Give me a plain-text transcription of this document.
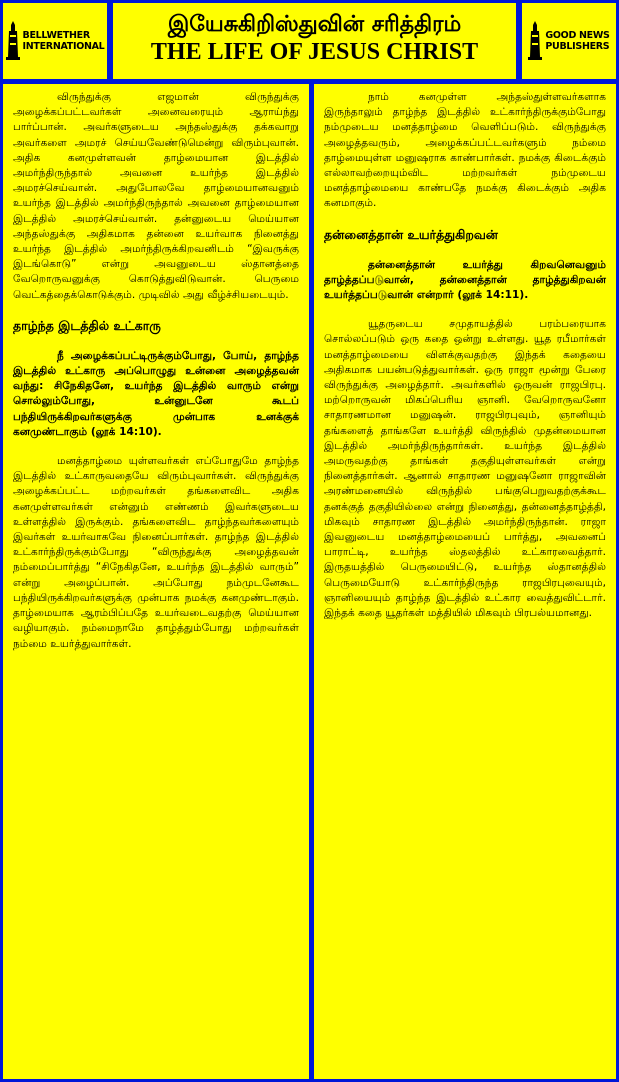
BELLWETHER
INTERNATIONAL
இயேசுகிறிஸ்துவின் சரித்திரம்
THE LIFE OF JESUS CHRIST
GOOD NEWS
PUBLISHERS

விருந்துக்கு எஜமான் விருந்துக்கு அழைக்கப்பட்டவர்கள் அனைவரையும் ஆராய்ந்து பார்ப்பான். அவர்களுடைய அந்தஸ்துக்கு தக்கவாறு அவர்களை அமரச் செய்யவேண்டுமென்று விரும்புவான். அதிக கனமுள்ளவன் தாழ்மையான இடத்தில் அமர்ந்திருந்தால் அவனை உயர்ந்த இடத்தில் அமரச்செய்வான். அதுபோலவே தாழ்மையானவனும் உயர்ந்த இடத்தில் அமர்ந்திருந்தால் அவனை தாழ்மையான இடத்தில் அமரச்செய்வான். தன்னுடைய மெய்யான அந்தஸ்துக்கு அதிகமாக தன்னை உயர்வாக நினைத்து உயர்ந்த இடத்தில் அமர்ந்திருக்கிறவனிடம் “இவருக்கு இடங்கொடு” என்று அவனுடைய ஸ்தானத்தை வேறொருவனுக்கு கொடுத்துவிடுவான். பெருமை வெட்கத்தைக்கொடுக்கும். முடிவில் அது வீழ்ச்சியடையும்.

தாழ்ந்த இடத்தில் உட்காரு

நீ அழைக்கப்பட்டிருக்கும்போது, போய், தாழ்ந்த இடத்தில் உட்காரு அப்பொழுது உன்னை அழைத்தவன் வந்து: சிநேகிதனே, உயர்ந்த இடத்தில் வாரும் என்று சொல்லும்போது, உன்னுடனே கூடப் பந்தியிருக்கிறவர்களுக்கு முன்பாக உனக்குக் கனமுண்டாகும் (லூக் 14:10).

மனத்தாழ்மை யுள்ளவர்கள் எப்போதுமே தாழ்ந்த இடத்தில் உட்காருவதையே விரும்புவார்கள். விருந்துக்கு அழைக்கப்பட்ட மற்றவர்கள் தங்களைவிட அதிக கனமுள்ளவர்கள் என்னும் எண்ணம் இவர்களுடைய உள்ளத்தில் இருக்கும். தங்களைவிட தாழ்ந்தவர்களையும் இவர்கள் உயர்வாகவே நினைப்பார்கள். தாழ்ந்த இடத்தில் உட்கார்ந்திருக்கும்போது “விருந்துக்கு அழைத்தவன் நம்மைப்பார்த்து “சிநேகிதனே, உயர்ந்த இடத்தில் வாரும்” என்று அழைப்பான். அப்போது நம்முடனேகூட பந்தியிருக்கிறவர்களுக்கு முன்பாக நமக்கு கனமுண்டாகும். தாழ்மையாக ஆரம்பிப்பதே உயர்வடைவதற்கு மெய்யான வழியாகும். நம்மைநாமே தாழ்த்தும்போது மற்றவர்கள் நம்மை உயர்த்துவார்கள்.

நாம் கனமுள்ள அந்தஸ்துள்ளவர்களாக இருந்தாலும் தாழ்ந்த இடத்தில் உட்கார்ந்திருக்கும்போது நம்முடைய மனத்தாழ்மை வெளிப்படும். விருந்துக்கு அழைத்தவரும், அழைக்கப்பட்டவர்களும் நம்மை தாழ்மையுள்ள மனுஷராக காண்பார்கள். நமக்கு கிடைக்கும் எல்லாவற்றையும்விட மற்றவர்கள் நம்முடைய மனத்தாழ்மையை காண்பதே நமக்கு கிடைக்கும் அதிக கனமாகும்.

தன்னைத்தான் உயர்த்துகிறவன்

தன்னைத்தான் உயர்த்து கிறவனெவனும் தாழ்த்தப்படுவான், தன்னைத்தான் தாழ்த்துகிறவன் உயர்த்தப்படுவான் என்றார் (லூக் 14:11).

யூதருடைய சமுதாயத்தில் பரம்பரையாக சொல்லப்படும் ஒரு கதை ஒன்று உள்ளது. யூத ரபீமார்கள் மனத்தாழ்மையை விளக்குவதற்கு இந்தக் கதையை அதிகமாக பயன்படுத்துவார்கள். ஒரு ராஜா மூன்று பேரை விருந்துக்கு அழைத்தார். அவர்களில் ஒருவன் ராஜபிரபு. மற்றொருவன் மிகப்பெரிய ஞானி. வேறொருவனோ சாதாரணமான மனுஷன். ராஜபிரபுவும், ஞானியும் தங்களைத் தாங்களே உயர்த்தி விருந்தில் முதன்மையான இடத்தில் அமர்ந்திருந்தார்கள். உயர்ந்த இடத்தில் அமருவதற்கு தாங்கள் தகுதியுள்ளவர்கள் என்று நினைத்தார்கள். ஆனால் சாதாரண மனுஷனோ ராஜாவின் அரண்மனையில் விருந்தில் பங்குபெறுவதற்குக்கூட தனக்குத் தகுதியில்லை என்று நினைத்து, தன்னைத்தாழ்த்தி, மிகவும் சாதாரண இடத்தில் அமர்ந்திருந்தான். ராஜா இவனுடைய மனத்தாழ்மையைப் பார்த்து, அவனைப் பாராட்டி, உயர்ந்த ஸ்தலத்தில் உட்காரவைத்தார். இருதயத்தில் பெருமையிட்டு, உயர்ந்த ஸ்தானத்தில் பெருமையோடு உட்கார்ந்திருந்த ராஜபிரபுவையும், ஞானியையும் தாழ்ந்த இடத்தில் உட்கார வைத்துவிட்டார். இந்தக் கதை யூதர்கள் மத்தியில் மிகவும் பிரபல்யமானது.
